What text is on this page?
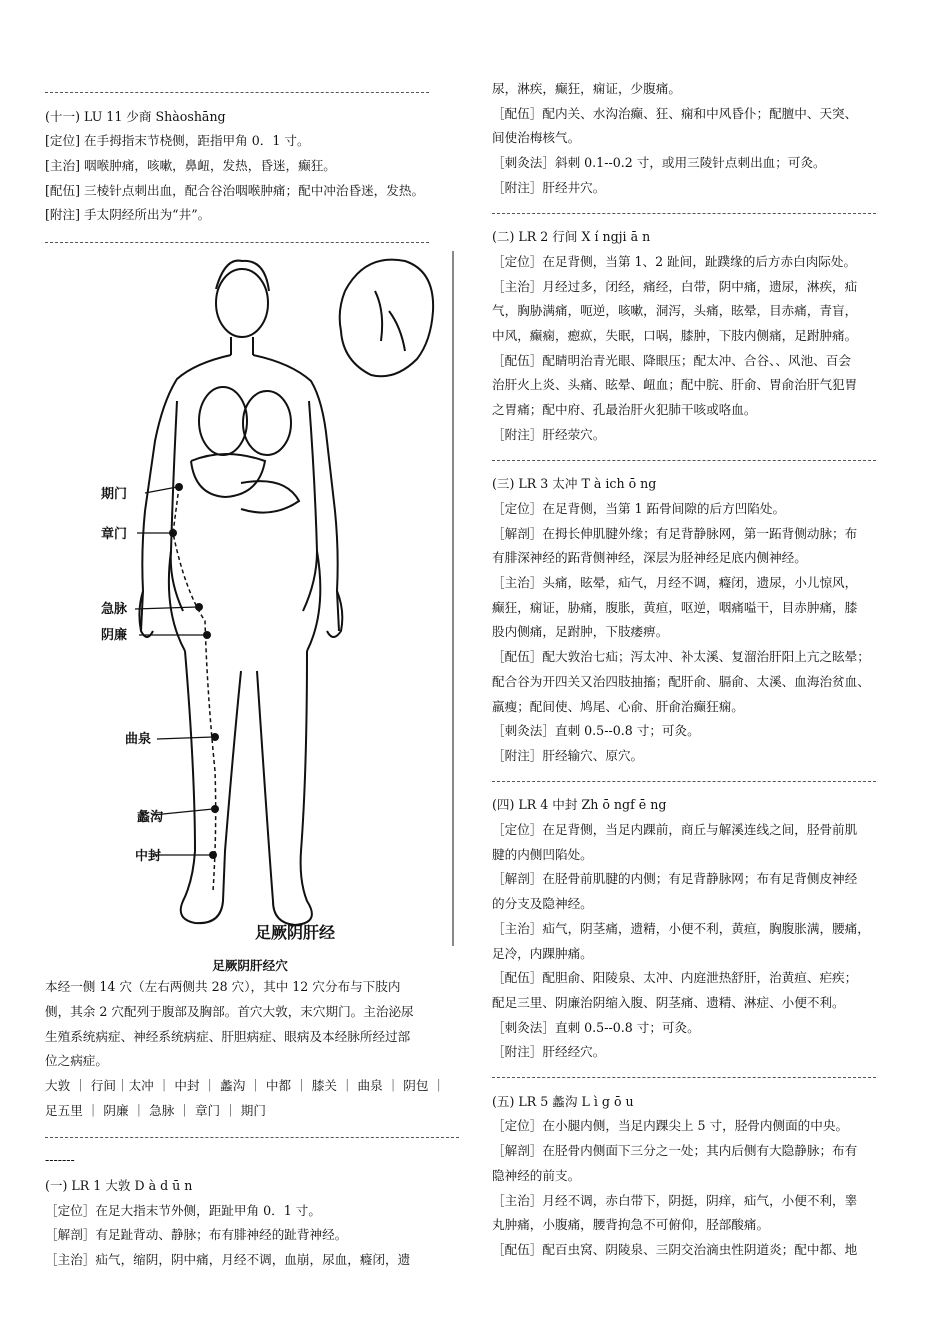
(十一) LU 11 少商 Shàoshāng
[定位] 在手拇指末节桡侧，距指甲角 0．1 寸。
[主治] 咽喉肿痛，咳嗽，鼻衄，发热，昏迷，癫狂。
[配伍] 三棱针点刺出血，配合谷治咽喉肿痛；配中冲治昏迷，发热。
[附注] 手太阴经所出为“井”。
期门
章门
急脉
阴廉
曲泉
蠡沟
中封
足厥阴肝经
足厥阴肝经穴
本经一侧 14 穴（左右两侧共 28 穴），其中 12 穴分布与下肢内
侧，其余 2 穴配列于腹部及胸部。首穴大敦，末穴期门。主治泌尿
生殖系统病症、神经系统病症、肝胆病症、眼病及本经脉所经过部
位之病症。
大敦 ｜ 行间｜太冲 ｜ 中封 ｜ 蠡沟 ｜ 中都 ｜ 膝关 ｜ 曲泉 ｜ 阴包 ｜
足五里 ｜ 阴廉 ｜ 急脉 ｜ 章门 ｜ 期门
-------
(一) LR 1 大敦 D à d ū n
［定位］在足大指末节外侧，距趾甲角 0．1 寸。
［解剖］有足趾背动、静脉；布有腓神经的趾背神经。
［主治］疝气，缩阴，阴中痛，月经不调，血崩，尿血，癃闭，遗
尿，淋疾，癫狂，痫证，少腹痛。
［配伍］配内关、水沟治癫、狂、痫和中风昏仆；配膻中、天突、
间使治梅核气。
［刺灸法］斜刺 0.1--0.2 寸，或用三陵针点刺出血；可灸。
［附注］肝经井穴。
(二) LR 2 行间 X í ngji ā n
［定位］在足背侧，当第 1、2 趾间，趾蹼缘的后方赤白肉际处。
［主治］月经过多，闭经，痛经，白带，阴中痛，遗尿，淋疾，疝
气，胸胁满痛，呃逆，咳嗽，洞泻，头痛，眩晕，目赤痛，青盲，
中风，癫痫，瘛疭，失眠，口㖞，膝肿，下肢内侧痛，足跗肿痛。
［配伍］配睛明治青光眼、降眼压；配太冲、合谷、、风池、百会
治肝火上炎、头痛、眩晕、衄血；配中脘、肝俞、胃俞治肝气犯胃
之胃痛；配中府、孔最治肝火犯肺干咳或咯血。
［附注］肝经荥穴。
(三) LR 3 太冲 T à ich ō ng
［定位］在足背侧，当第 1 跖骨间隙的后方凹陷处。
［解剖］在拇长伸肌腱外缘；有足背静脉网，第一跖背侧动脉；布
有腓深神经的跖背侧神经，深层为胫神经足底内侧神经。
［主治］头痛，眩晕，疝气，月经不调，癃闭，遗尿，小儿惊风，
癫狂，痫证，胁痛，腹胀，黄疸，呕逆，咽痛嗌干，目赤肿痛，膝
股内侧痛，足跗肿，下肢痿痹。
［配伍］配大敦治七疝；泻太冲、补太溪、复溜治肝阳上亢之眩晕；
配合谷为开四关又治四肢抽搐；配肝俞、膈俞、太溪、血海治贫血、
羸瘦；配间使、鸠尾、心俞、肝俞治癫狂痫。
［刺灸法］直刺 0.5--0.8 寸；可灸。
［附注］肝经输穴、原穴。
(四) LR 4 中封 Zh ō ngf ē ng
［定位］在足背侧，当足内踝前，商丘与解溪连线之间，胫骨前肌
腱的内侧凹陷处。
［解剖］在胫骨前肌腱的内侧；有足背静脉网；布有足背侧皮神经
的分支及隐神经。
［主治］疝气，阴茎痛，遗精，小便不利，黄疸，胸腹胀满，腰痛，
足冷，内踝肿痛。
［配伍］配胆俞、阳陵泉、太冲、内庭泄热舒肝，治黄疸、疟疾；
配足三里、阴廉治阴缩入腹、阴茎痛、遗精、淋症、小便不利。
［刺灸法］直刺 0.5--0.8 寸；可灸。
［附注］肝经经穴。
(五) LR 5 蠡沟 L ì g ō u
［定位］在小腿内侧，当足内踝尖上 5 寸，胫骨内侧面的中央。
［解剖］在胫骨内侧面下三分之一处；其内后侧有大隐静脉；布有
隐神经的前支。
［主治］月经不调，赤白带下，阴挺，阴痒，疝气，小便不利，睾
丸肿痛，小腹痛，腰背拘急不可俯仰，胫部酸痛。
［配伍］配百虫窝、阴陵泉、三阴交治滴虫性阴道炎；配中都、地
